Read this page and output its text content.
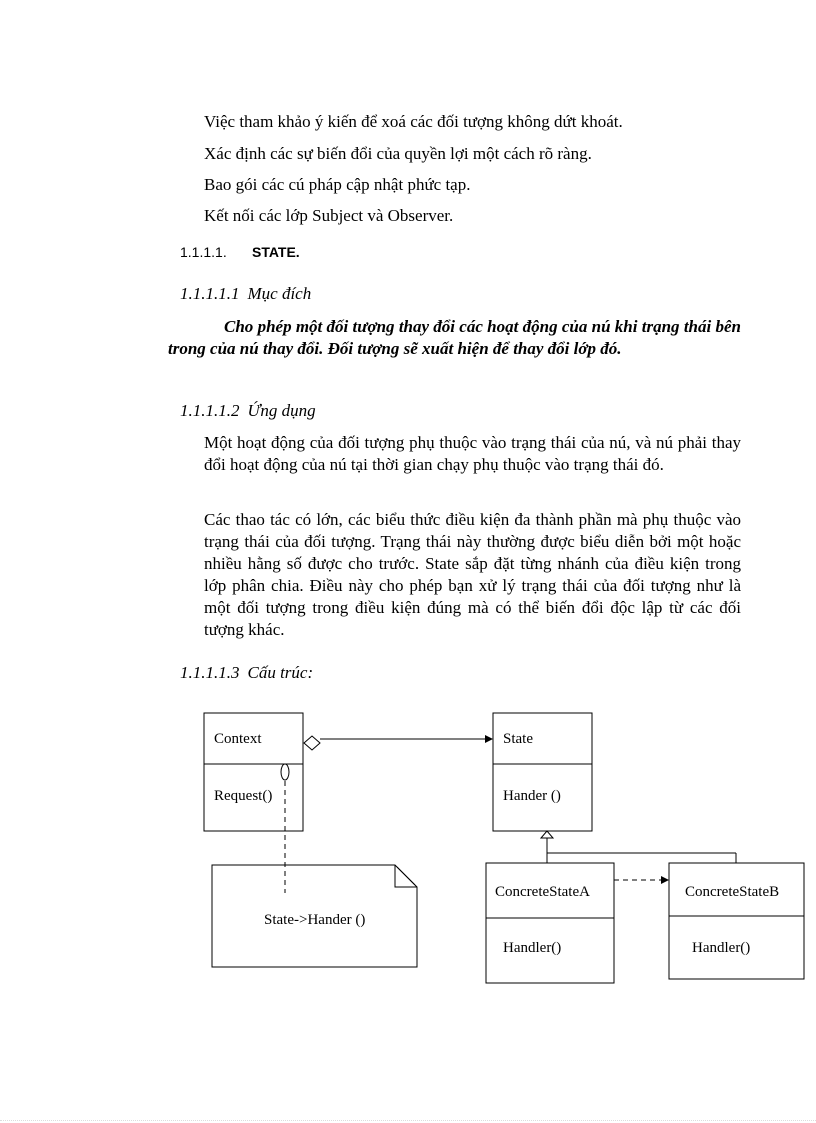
Việc tham khảo ý kiến để xoá các đối tượng không dứt khoát.
Xác định các sự biến đổi của quyền lợi một cách rõ ràng.
Bao gói các cú pháp cập nhật phức tạp.
Kết nối các lớp Subject và Observer.
1.1.1.1. STATE.
1.1.1.1.1 Mục đích
Cho phép một đối tượng thay đổi các hoạt động của nú khi trạng thái bên trong của nú thay đổi. Đối tượng sẽ xuất hiện để thay đổi lớp đó.
1.1.1.1.2 Ứng dụng
Một hoạt động của đối tượng phụ thuộc vào trạng thái của nú, và nú phải thay đổi hoạt động của nú tại thời gian chạy phụ thuộc vào trạng thái đó.
Các thao tác có lớn, các biểu thức điều kiện đa thành phần mà phụ thuộc vào trạng thái của đối tượng. Trạng thái này thường được biểu diễn bởi một hoặc nhiều hằng số được cho trước. State sắp đặt từng nhánh của điều kiện trong lớp phân chia. Điều này cho phép bạn xử lý trạng thái của đối tượng như là một đối tượng trong điều kiện đúng mà có thể biến đổi độc lập từ các đối tượng khác.
1.1.1.1.3 Cấu trúc:
Context
Request()
State
Hander ()
State->Hander ()
ConcreteStateA
Handler()
ConcreteStateB
Handler()
